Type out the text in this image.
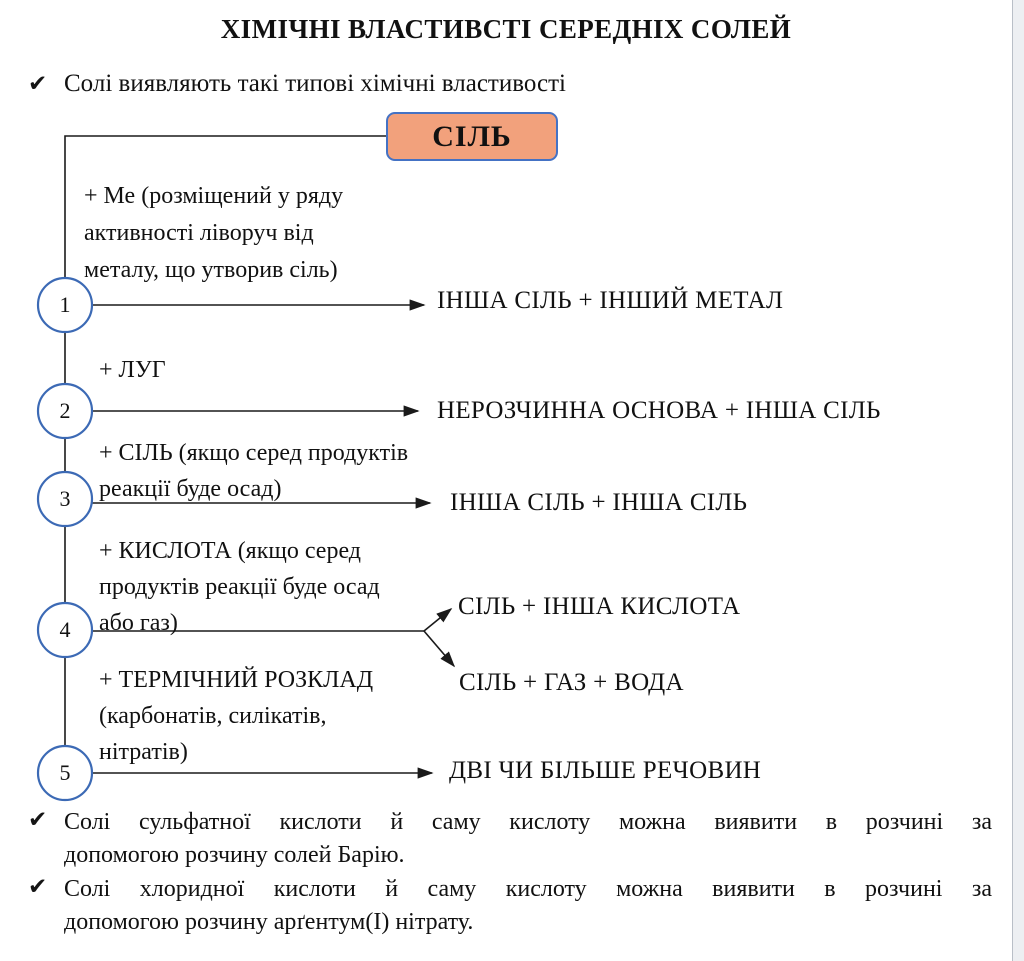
ХІМІЧНІ ВЛАСТИВСТІ СЕРЕДНІХ СОЛЕЙ
✔ Солі виявляють такі типові хімічні властивості
СІЛЬ
1
2
3
4
5
+ Ме (розміщений у ряду
активності ліворуч від
металу, що утворив сіль)
+ ЛУГ
+ СІЛЬ (якщо серед продуктів
реакції буде осад)
+ КИСЛОТА (якщо серед
продуктів реакції буде осад
або газ)
+ ТЕРМІЧНИЙ РОЗКЛАД
(карбонатів, силікатів,
нітратів)
ІНША СІЛЬ + ІНШИЙ МЕТАЛ
НЕРОЗЧИННА ОСНОВА + ІНША СІЛЬ
ІНША СІЛЬ + ІНША СІЛЬ
СІЛЬ + ІНША КИСЛОТА
СІЛЬ + ГАЗ + ВОДА
ДВІ ЧИ БІЛЬШЕ РЕЧОВИН
✔ Солі сульфатної кислоти й саму кислоту можна виявити в розчині за
допомогою розчину солей Барію.
✔ Солі хлоридної кислоти й саму кислоту можна виявити в розчині за
допомогою розчину арґентум(І) нітрату.
